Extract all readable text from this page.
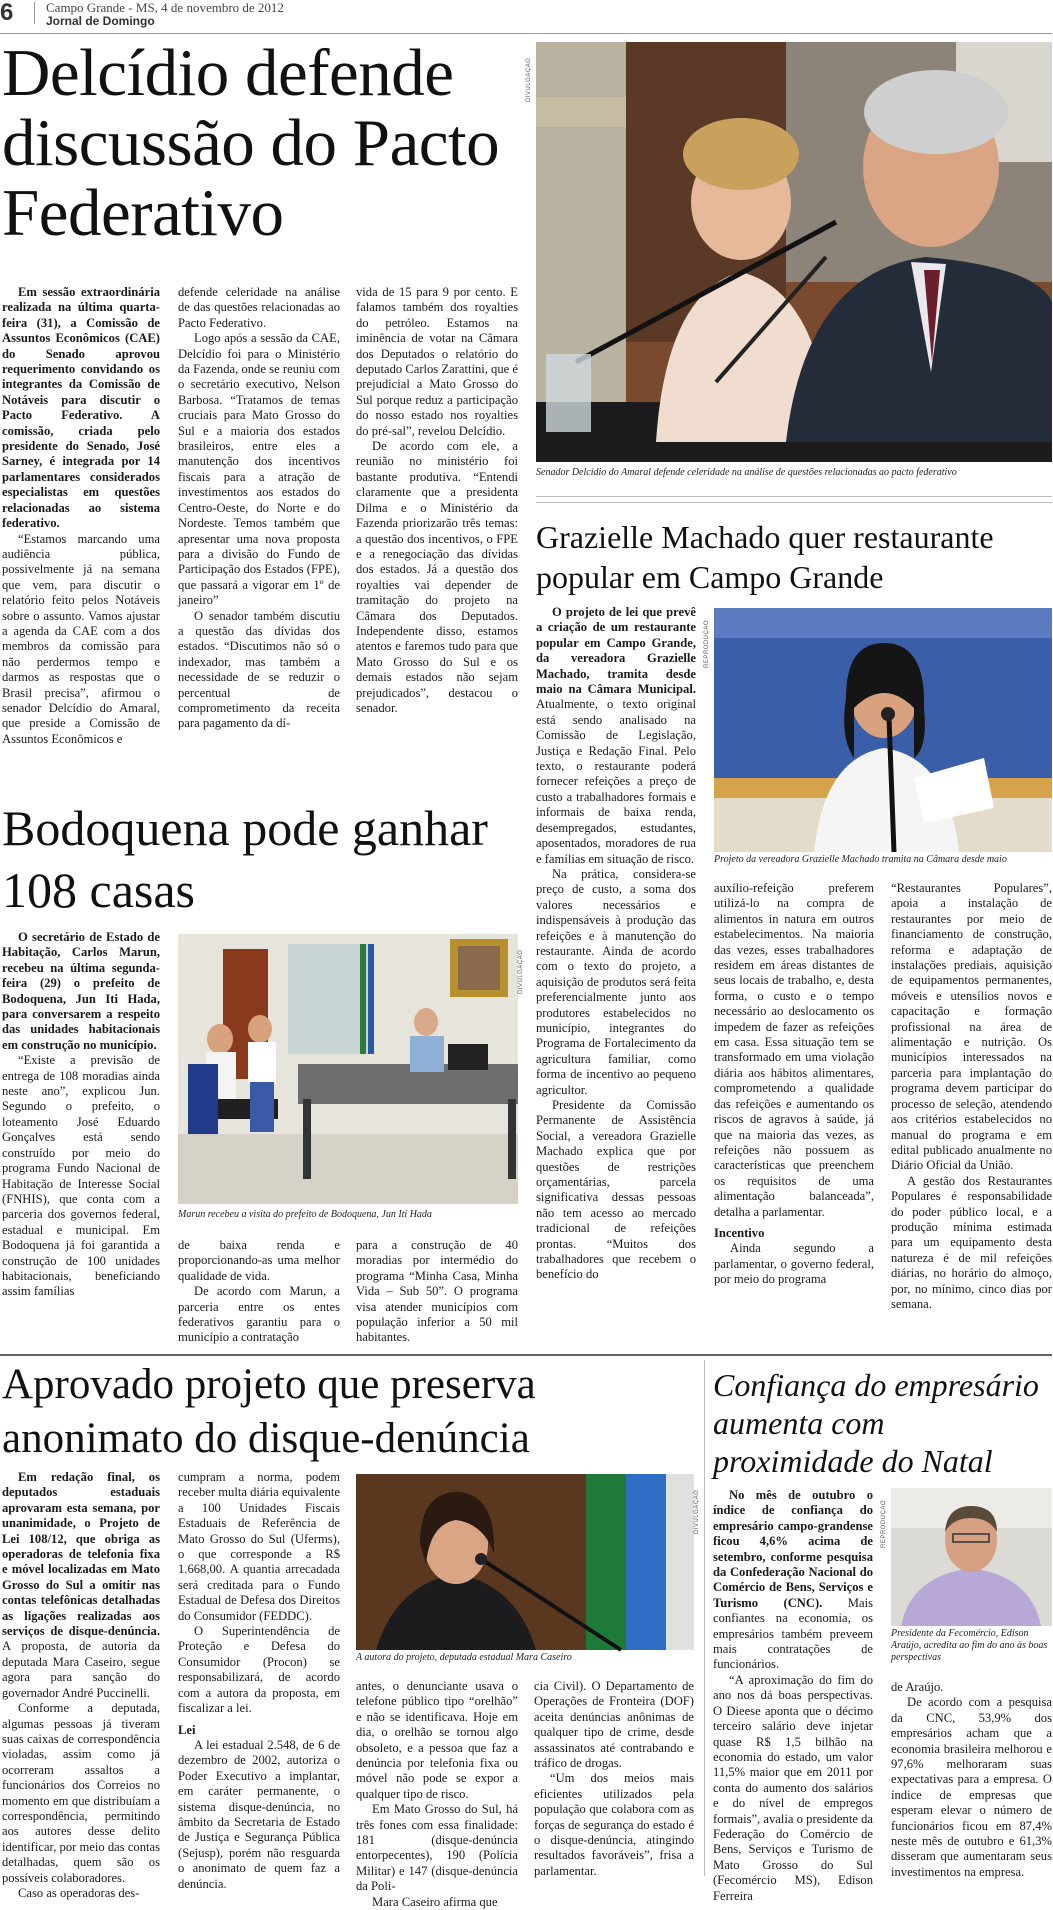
6	Campo Grande - MS, 4 de novembro de 2012
Jornal de Domingo
Delcídio defende discussão do Pacto Federativo
DIVULGAÇÃO
Senador Delcídio do Amaral defende celeridade na análise de questões relacionadas ao pacto federativo

Em sessão extraordinária realizada na última quarta-feira (31), a Comissão de Assuntos Econômicos (CAE) do Senado aprovou requerimento convidando os integrantes da Comissão de Notáveis para discutir o Pacto Federativo. A comissão, criada pelo presidente do Senado, José Sarney, é integrada por 14 parlamentares considerados especialistas em questões relacionadas ao sistema federativo.

“Estamos marcando uma audiência pública, possivelmente já na semana que vem, para discutir o relatório feito pelos Notáveis sobre o assunto. Vamos ajustar a agenda da CAE com a dos membros da comissão para não perdermos tempo e darmos as respostas que o Brasil precisa”, afirmou o senador Delcídio do Amaral, que preside a Comissão de Assuntos Econômicos e

defende celeridade na análise de das questões relacionadas ao Pacto Federativo.

Logo após a sessão da CAE, Delcídio foi para o Ministério da Fazenda, onde se reuniu com o secretário executivo, Nelson Barbosa. “Tratamos de temas cruciais para Mato Grosso do Sul e a maioria dos estados brasileiros, entre eles a manutenção dos incentivos fiscais para a atração de investimentos aos estados do Centro-Oeste, do Norte e do Nordeste. Temos também que apresentar uma nova proposta para a divisão do Fundo de Participação dos Estados (FPE), que passará a vigorar em 1º de janeiro”

O senador também discutiu a questão das dívidas dos estados. “Discutimos não só o indexador, mas também a necessidade de se reduzir o percentual de comprometimento da receita para pagamento da dí-

vida de 15 para 9 por cento. E falamos também dos royalties do petróleo. Estamos na iminência de votar na Câmara dos Deputados o relatório do deputado Carlos Zarattini, que é prejudicial a Mato Grosso do Sul porque reduz a participação do nosso estado nos royalties do pré-sal”, revelou Delcídio.

De acordo com ele, a reunião no ministério foi bastante produtiva. “Entendi claramente que a presidenta Dilma e o Ministério da Fazenda priorizarão três temas: a questão dos incentivos, o FPE e a renegociação das dívidas dos estados. Já a questão dos royalties vai depender de tramitação do projeto na Câmara dos Deputados. Independente disso, estamos atentos e faremos tudo para que Mato Grosso do Sul e os demais estados não sejam prejudicados”, destacou o senador.

Grazielle Machado quer restaurante popular em Campo Grande

O projeto de lei que prevê a criação de um restaurante popular em Campo Grande, da vereadora Grazielle Machado, tramita desde maio na Câmara Municipal. Atualmente, o texto original está sendo analisado na Comissão de Legislação, Justiça e Redação Final. Pelo texto, o restaurante poderá fornecer refeições a preço de custo a trabalhadores formais e informais de baixa renda, desempregados, estudantes, aposentados, moradores de rua e famílias em situação de risco.

Na prática, considera-se preço de custo, a soma dos valores necessários e indispensáveis à produção das refeições e à manutenção do restaurante. Ainda de acordo com o texto do projeto, a aquisição de produtos será feita preferencialmente junto aos produtores estabelecidos no município, integrantes do Programa de Fortalecimento da agricultura familiar, como forma de incentivo ao pequeno agricultor.

Presidente da Comissão Permanente de Assistência Social, a vereadora Grazielle Machado explica que por questões de restrições orçamentárias, parcela significativa dessas pessoas não tem acesso ao mercado tradicional de refeições prontas. “Muitos dos trabalhadores que recebem o benefício do

REPRODUÇÃO
Projeto da vereadora Grazielle Machado tramita na Câmara desde maio

auxílio-refeição preferem utilizá-lo na compra de alimentos in natura em outros estabelecimentos. Na maioria das vezes, esses trabalhadores residem em áreas distantes de seus locais de trabalho, e, desta forma, o custo e o tempo necessário ao deslocamento os impedem de fazer as refeições em casa. Essa situação tem se transformado em uma violação diária aos hábitos alimentares, comprometendo a qualidade das refeições e aumentando os riscos de agravos à saúde, já que na maioria das vezes, as refeições não possuem as características que preenchem os requisitos de uma alimentação balanceada”, detalha a parlamentar.

Incentivo

Ainda segundo a parlamentar, o governo federal, por meio do programa

“Restaurantes Populares”, apoia a instalação de restaurantes por meio de financiamento de construção, reforma e adaptação de instalações prediais, aquisição de equipamentos permanentes, móveis e utensílios novos e capacitação e formação profissional na área de alimentação e nutrição. Os municípios interessados na parceria para implantação do programa devem participar do processo de seleção, atendendo aos critérios estabelecidos no manual do programa e em edital publicado anualmente no Diário Oficial da União.

A gestão dos Restaurantes Populares é responsabilidade do poder público local, e a produção mínima estimada para um equipamento desta natureza é de mil refeições diárias, no horário do almoço, por, no mínimo, cinco dias por semana.

Bodoquena pode ganhar 108 casas

O secretário de Estado de Habitação, Carlos Marun, recebeu na última segunda-feira (29) o prefeito de Bodoquena, Jun Iti Hada, para conversarem a respeito das unidades habitacionais em construção no município.

“Existe a previsão de entrega de 108 moradias ainda neste ano”, explicou Jun. Segundo o prefeito, o loteamento José Eduardo Gonçalves está sendo construído por meio do programa Fundo Nacional de Habitação de Interesse Social (FNHIS), que conta com a parceria dos governos federal, estadual e municipal. Em Bodoquena já foi garantida a construção de 100 unidades habitacionais, beneficiando assim famílias

DIVULGAÇÃO
Marun recebeu a visita do prefeito de Bodoquena, Jun Iti Hada

de baixa renda e proporcionando-as uma melhor qualidade de vida.

De acordo com Marun, a parceria entre os entes federativos garantiu para o município a contratação

para a construção de 40 moradias por intermédio do programa “Minha Casa, Minha Vida – Sub 50”. O programa visa atender municípios com população inferior a 50 mil habitantes.

Aprovado projeto que preserva anonimato do disque-denúncia

Em redação final, os deputados estaduais aprovaram esta semana, por unanimidade, o Projeto de Lei 108/12, que obriga as operadoras de telefonia fixa e móvel localizadas em Mato Grosso do Sul a omitir nas contas telefônicas detalhadas as ligações realizadas aos serviços de disque-denúncia. A proposta, de autoria da deputada Mara Caseiro, segue agora para sanção do governador André Puccinelli.

Conforme a deputada, algumas pessoas já tiveram suas caixas de correspondência violadas, assim como já ocorreram assaltos a funcionários dos Correios no momento em que distribuíam a correspondência, permitindo aos autores desse delito identificar, por meio das contas detalhadas, quem são os possíveis colaboradores.

Caso as operadoras des-

cumpram a norma, podem receber multa diária equivalente a 100 Unidades Fiscais Estaduais de Referência de Mato Grosso do Sul (Uferms), o que corresponde a R$ 1.668,00. A quantia arrecadada será creditada para o Fundo Estadual de Defesa dos Direitos do Consumidor (FEDDC).

O Superintendência de Proteção e Defesa do Consumidor (Procon) se responsabilizará, de acordo com a autora da proposta, em fiscalizar a lei.

Lei

A lei estadual 2.548, de 6 de dezembro de 2002, autoriza o Poder Executivo a implantar, em caráter permanente, o sistema disque-denúncia, no âmbito da Secretaria de Estado de Justiça e Segurança Pública (Sejusp), porém não resguarda o anonimato de quem faz a denúncia.

DIVULGAÇÃO
A autora do projeto, deputada estadual Mara Caseiro

antes, o denunciante usava o telefone público tipo “orelhão” e não se identificava. Hoje em dia, o orelhão se tornou algo obsoleto, e a pessoa que faz a denúncia por telefonia fixa ou móvel não pode se expor a qualquer tipo de risco.

Em Mato Grosso do Sul, há três fones com essa finalidade: 181 (disque-denúncia entorpecentes), 190 (Polícia Militar) e 147 (disque-denúncia da Poli-

Mara Caseiro afirma que

cia Civil). O Departamento de Operações de Fronteira (DOF) aceita denúncias anônimas de qualquer tipo de crime, desde assassinatos até contrabando e tráfico de drogas.

“Um dos meios mais eficientes utilizados pela população que colabora com as forças de segurança do estado é o disque-denúncia, atingindo resultados favoráveis”, frisa a parlamentar.

Confiança do empresário aumenta com proximidade do Natal

No mês de outubro o índice de confiança do empresário campo-grandense ficou 4,6% acima de setembro, conforme pesquisa da Confederação Nacional do Comércio de Bens, Serviços e Turismo (CNC). Mais confiantes na economia, os empresários também preveem mais contratações de funcionários.

“A aproximação do fim do ano nos dá boas perspectivas. O Dieese aponta que o décimo terceiro salário deve injetar quase R$ 1,5 bilhão na economia do estado, um valor 11,5% maior que em 2011 por conta do aumento dos salários e do nível de empregos formais”, avalia o presidente da Federação do Comércio de Bens, Serviços e Turismo de Mato Grosso do Sul (Fecomércio MS), Edison Ferreira

REPRODUÇÃO
Presidente da Fecomércio, Edison Araújo, acredita ao fim do ano às boas perspectivas

de Araújo.

De acordo com a pesquisa da CNC, 53,9% dos empresários acham que a economia brasileira melhorou e 97,6% melhoraram suas expectativas para a empresa. O índice de empresas que esperam elevar o número de funcionários ficou em 87,4% neste mês de outubro e 61,3% disseram que aumentaram seus investimentos na empresa.
